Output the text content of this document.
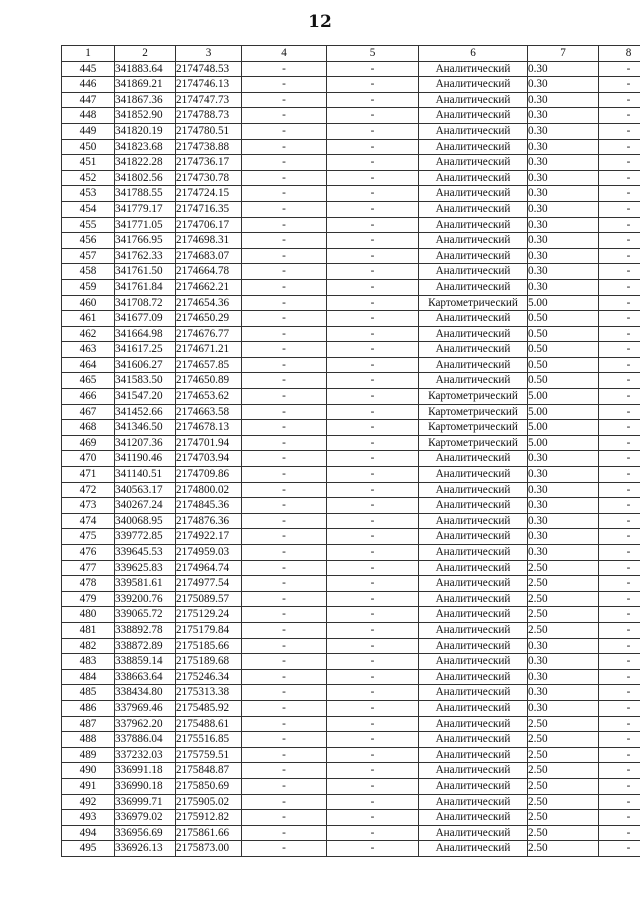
12
1	2	3	4	5	6	7	8
445	341883.64	2174748.53	-	-	Аналитический	0.30	-
446	341869.21	2174746.13	-	-	Аналитический	0.30	-
447	341867.36	2174747.73	-	-	Аналитический	0.30	-
448	341852.90	2174788.73	-	-	Аналитический	0.30	-
449	341820.19	2174780.51	-	-	Аналитический	0.30	-
450	341823.68	2174738.88	-	-	Аналитический	0.30	-
451	341822.28	2174736.17	-	-	Аналитический	0.30	-
452	341802.56	2174730.78	-	-	Аналитический	0.30	-
453	341788.55	2174724.15	-	-	Аналитический	0.30	-
454	341779.17	2174716.35	-	-	Аналитический	0.30	-
455	341771.05	2174706.17	-	-	Аналитический	0.30	-
456	341766.95	2174698.31	-	-	Аналитический	0.30	-
457	341762.33	2174683.07	-	-	Аналитический	0.30	-
458	341761.50	2174664.78	-	-	Аналитический	0.30	-
459	341761.84	2174662.21	-	-	Аналитический	0.30	-
460	341708.72	2174654.36	-	-	Картометрический	5.00	-
461	341677.09	2174650.29	-	-	Аналитический	0.50	-
462	341664.98	2174676.77	-	-	Аналитический	0.50	-
463	341617.25	2174671.21	-	-	Аналитический	0.50	-
464	341606.27	2174657.85	-	-	Аналитический	0.50	-
465	341583.50	2174650.89	-	-	Аналитический	0.50	-
466	341547.20	2174653.62	-	-	Картометрический	5.00	-
467	341452.66	2174663.58	-	-	Картометрический	5.00	-
468	341346.50	2174678.13	-	-	Картометрический	5.00	-
469	341207.36	2174701.94	-	-	Картометрический	5.00	-
470	341190.46	2174703.94	-	-	Аналитический	0.30	-
471	341140.51	2174709.86	-	-	Аналитический	0.30	-
472	340563.17	2174800.02	-	-	Аналитический	0.30	-
473	340267.24	2174845.36	-	-	Аналитический	0.30	-
474	340068.95	2174876.36	-	-	Аналитический	0.30	-
475	339772.85	2174922.17	-	-	Аналитический	0.30	-
476	339645.53	2174959.03	-	-	Аналитический	0.30	-
477	339625.83	2174964.74	-	-	Аналитический	2.50	-
478	339581.61	2174977.54	-	-	Аналитический	2.50	-
479	339200.76	2175089.57	-	-	Аналитический	2.50	-
480	339065.72	2175129.24	-	-	Аналитический	2.50	-
481	338892.78	2175179.84	-	-	Аналитический	2.50	-
482	338872.89	2175185.66	-	-	Аналитический	0.30	-
483	338859.14	2175189.68	-	-	Аналитический	0.30	-
484	338663.64	2175246.34	-	-	Аналитический	0.30	-
485	338434.80	2175313.38	-	-	Аналитический	0.30	-
486	337969.46	2175485.92	-	-	Аналитический	0.30	-
487	337962.20	2175488.61	-	-	Аналитический	2.50	-
488	337886.04	2175516.85	-	-	Аналитический	2.50	-
489	337232.03	2175759.51	-	-	Аналитический	2.50	-
490	336991.18	2175848.87	-	-	Аналитический	2.50	-
491	336990.18	2175850.69	-	-	Аналитический	2.50	-
492	336999.71	2175905.02	-	-	Аналитический	2.50	-
493	336979.02	2175912.82	-	-	Аналитический	2.50	-
494	336956.69	2175861.66	-	-	Аналитический	2.50	-
495	336926.13	2175873.00	-	-	Аналитический	2.50	-
